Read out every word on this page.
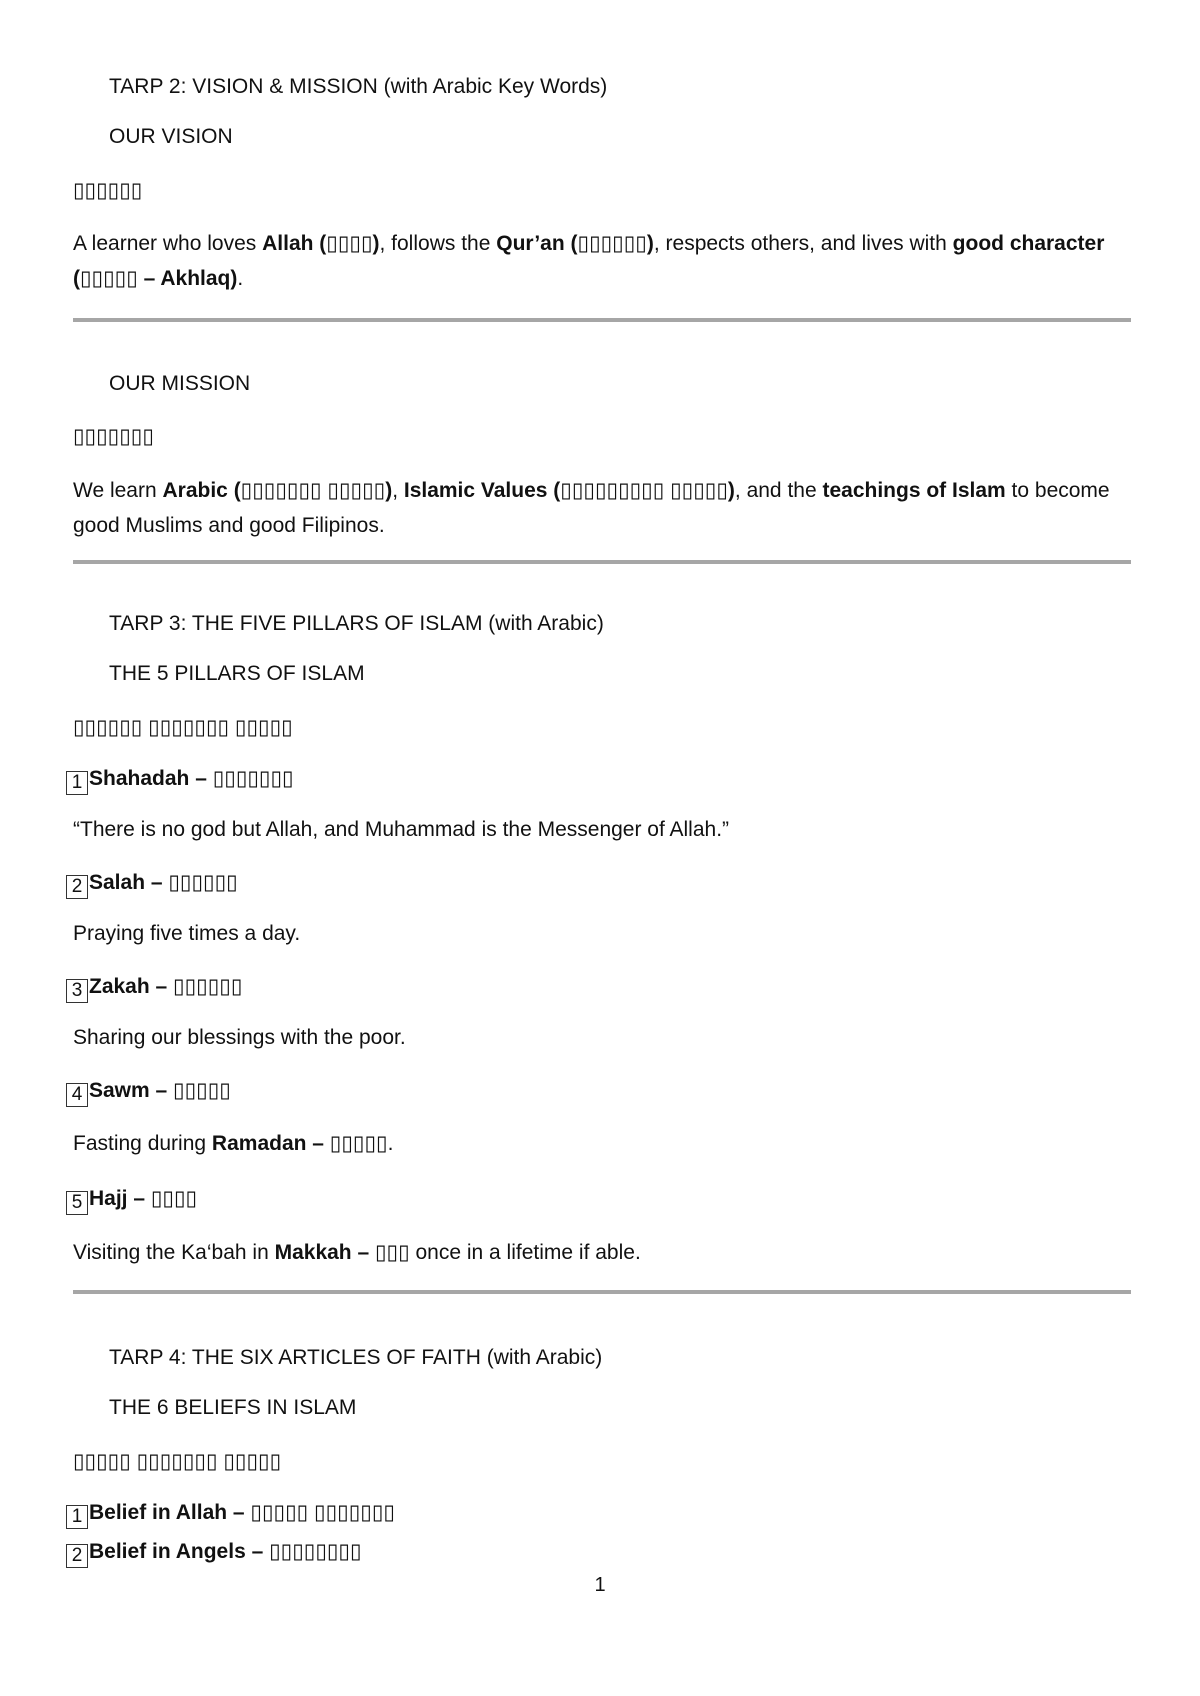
TARP 2: VISION & MISSION (with Arabic Key Words)
OUR VISION
▯▯▯▯▯▯
A learner who loves Allah (▯▯▯▯), follows the Qur’an (▯▯▯▯▯▯), respects others, and lives with good character (▯▯▯▯▯ – Akhlaq).
OUR MISSION
▯▯▯▯▯▯▯
We learn Arabic (▯▯▯▯▯▯▯ ▯▯▯▯▯), Islamic Values (▯▯▯▯▯▯▯▯▯ ▯▯▯▯▯), and the teachings of Islam to become good Muslims and good Filipinos.
TARP 3: THE FIVE PILLARS OF ISLAM (with Arabic)
THE 5 PILLARS OF ISLAM
▯▯▯▯▯▯ ▯▯▯▯▯▯▯ ▯▯▯▯▯
1 Shahadah – ▯▯▯▯▯▯▯
“There is no god but Allah, and Muhammad is the Messenger of Allah.”
2 Salah – ▯▯▯▯▯▯
Praying five times a day.
3 Zakah – ▯▯▯▯▯▯
Sharing our blessings with the poor.
4 Sawm – ▯▯▯▯▯
Fasting during Ramadan – ▯▯▯▯▯.
5 Hajj – ▯▯▯▯
Visiting the Ka‘bah in Makkah – ▯▯▯ once in a lifetime if able.
TARP 4: THE SIX ARTICLES OF FAITH (with Arabic)
THE 6 BELIEFS IN ISLAM
▯▯▯▯▯ ▯▯▯▯▯▯▯ ▯▯▯▯▯
1 Belief in Allah – ▯▯▯▯▯ ▯▯▯▯▯▯▯
2 Belief in Angels – ▯▯▯▯▯▯▯▯
1
